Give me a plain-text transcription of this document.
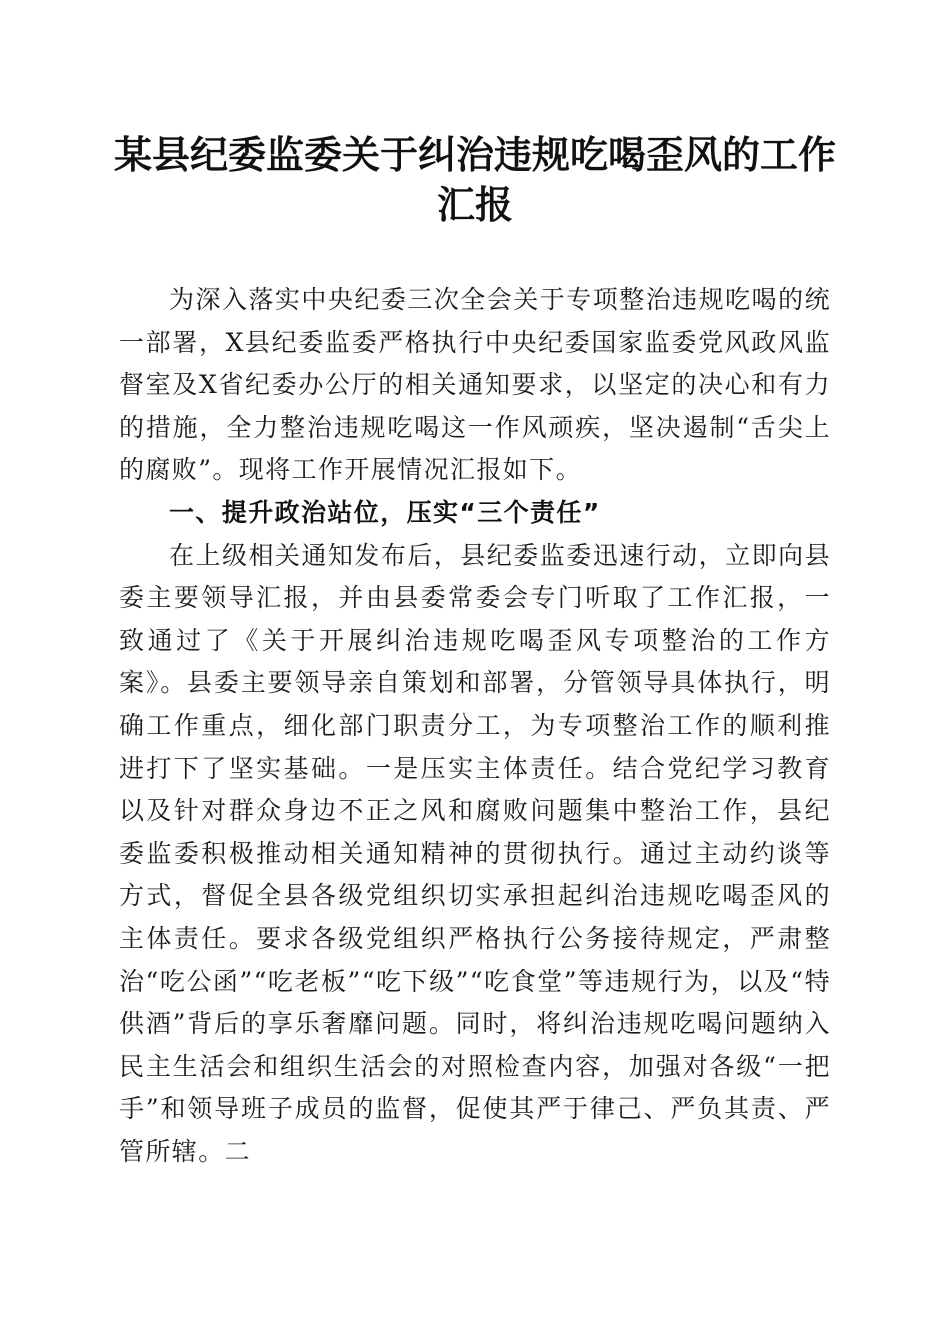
某县纪委监委关于纠治违规吃喝歪风的工作汇报

为深入落实中央纪委三次全会关于专项整治违规吃喝的统一部署，X县纪委监委严格执行中央纪委国家监委党风政风监督室及X省纪委办公厅的相关通知要求，以坚定的决心和有力的措施，全力整治违规吃喝这一作风顽疾，坚决遏制“舌尖上的腐败”。现将工作开展情况汇报如下。

一、提升政治站位，压实“三个责任”

在上级相关通知发布后，县纪委监委迅速行动，立即向县委主要领导汇报，并由县委常委会专门听取了工作汇报，一致通过了《关于开展纠治违规吃喝歪风专项整治的工作方案》。县委主要领导亲自策划和部署，分管领导具体执行，明确工作重点，细化部门职责分工，为专项整治工作的顺利推进打下了坚实基础。一是压实主体责任。结合党纪学习教育以及针对群众身边不正之风和腐败问题集中整治工作，县纪委监委积极推动相关通知精神的贯彻执行。通过主动约谈等方式，督促全县各级党组织切实承担起纠治违规吃喝歪风的主体责任。要求各级党组织严格执行公务接待规定，严肃整治“吃公函”“吃老板”“吃下级”“吃食堂”等违规行为，以及“特供酒”背后的享乐奢靡问题。同时，将纠治违规吃喝问题纳入民主生活会和组织生活会的对照检查内容，加强对各级“一把手”和领导班子成员的监督，促使其严于律己、严负其责、严管所辖。二
